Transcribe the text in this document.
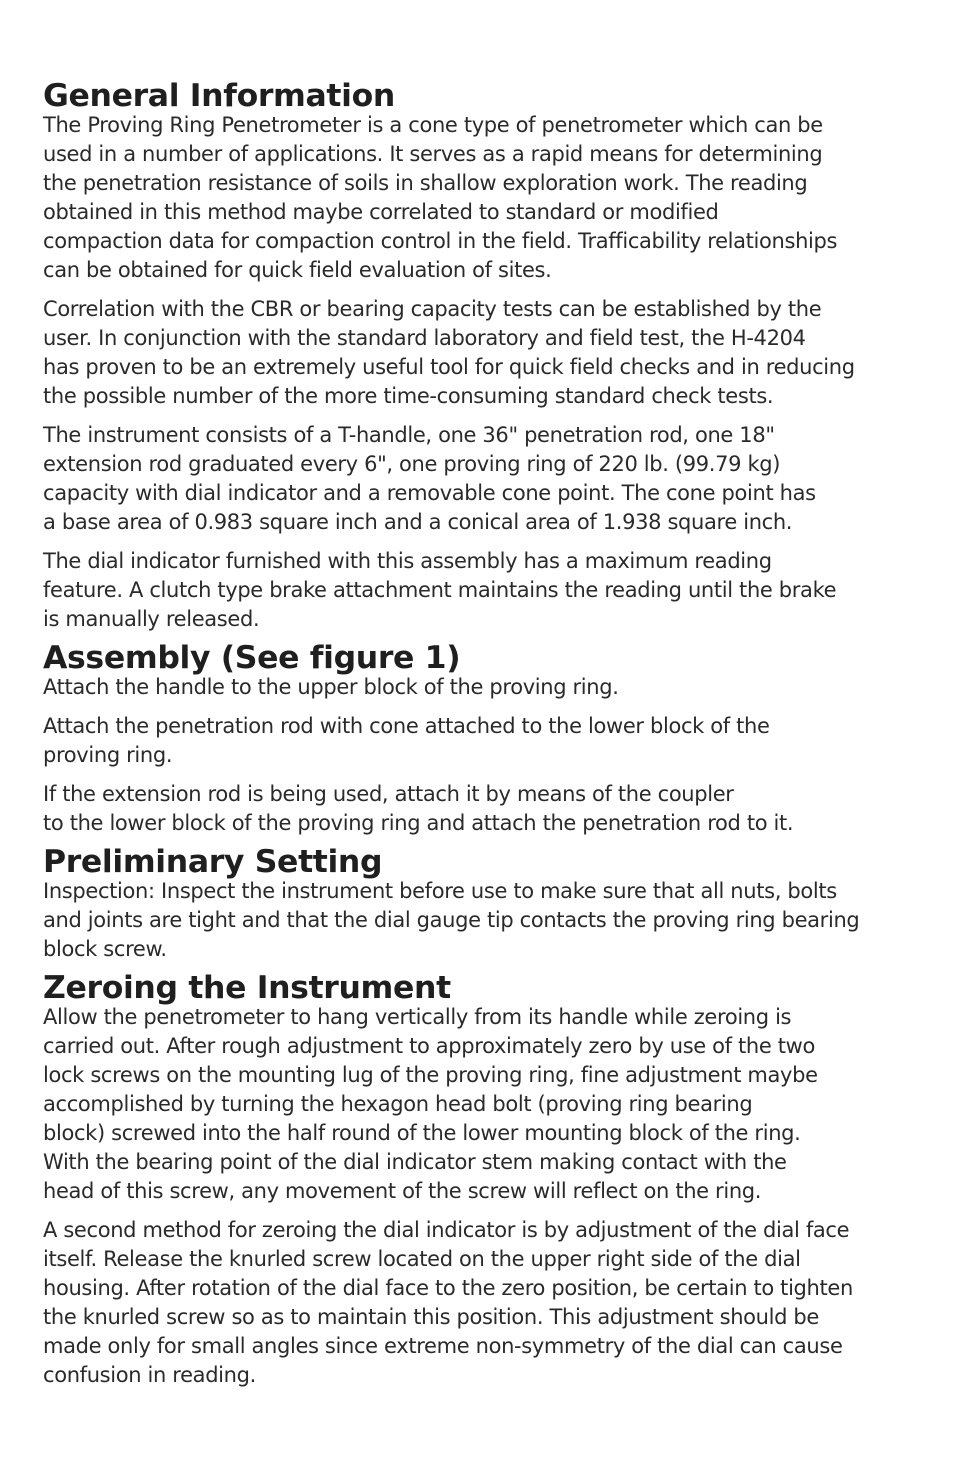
General Information

The Proving Ring Penetrometer is a cone type of penetrometer which can be
used in a number of applications. It serves as a rapid means for determining
the penetration resistance of soils in shallow exploration work. The reading
obtained in this method maybe correlated to standard or modified
compaction data for compaction control in the field. Trafficability relationships
can be obtained for quick field evaluation of sites.

Correlation with the CBR or bearing capacity tests can be established by the
user. In conjunction with the standard laboratory and field test, the H-4204
has proven to be an extremely useful tool for quick field checks and in reducing
the possible number of the more time-consuming standard check tests.

The instrument consists of a T-handle, one 36" penetration rod, one 18"
extension rod graduated every 6", one proving ring of 220 lb. (99.79 kg)
capacity with dial indicator and a removable cone point. The cone point has
a base area of 0.983 square inch and a conical area of 1.938 square inch.

The dial indicator furnished with this assembly has a maximum reading
feature. A clutch type brake attachment maintains the reading until the brake
is manually released.

Assembly (See figure 1)

Attach the handle to the upper block of the proving ring.

Attach the penetration rod with cone attached to the lower block of the
proving ring.

If the extension rod is being used, attach it by means of the coupler
to the lower block of the proving ring and attach the penetration rod to it.

Preliminary Setting

Inspection: Inspect the instrument before use to make sure that all nuts, bolts
and joints are tight and that the dial gauge tip contacts the proving ring bearing
block screw.

Zeroing the Instrument

Allow the penetrometer to hang vertically from its handle while zeroing is
carried out. After rough adjustment to approximately zero by use of the two
lock screws on the mounting lug of the proving ring, fine adjustment maybe
accomplished by turning the hexagon head bolt (proving ring bearing
block) screwed into the half round of the lower mounting block of the ring.
With the bearing point of the dial indicator stem making contact with the
head of this screw, any movement of the screw will reflect on the ring.

A second method for zeroing the dial indicator is by adjustment of the dial face
itself. Release the knurled screw located on the upper right side of the dial
housing. After rotation of the dial face to the zero position, be certain to tighten
the knurled screw so as to maintain this position. This adjustment should be
made only for small angles since extreme non-symmetry of the dial can cause
confusion in reading.
